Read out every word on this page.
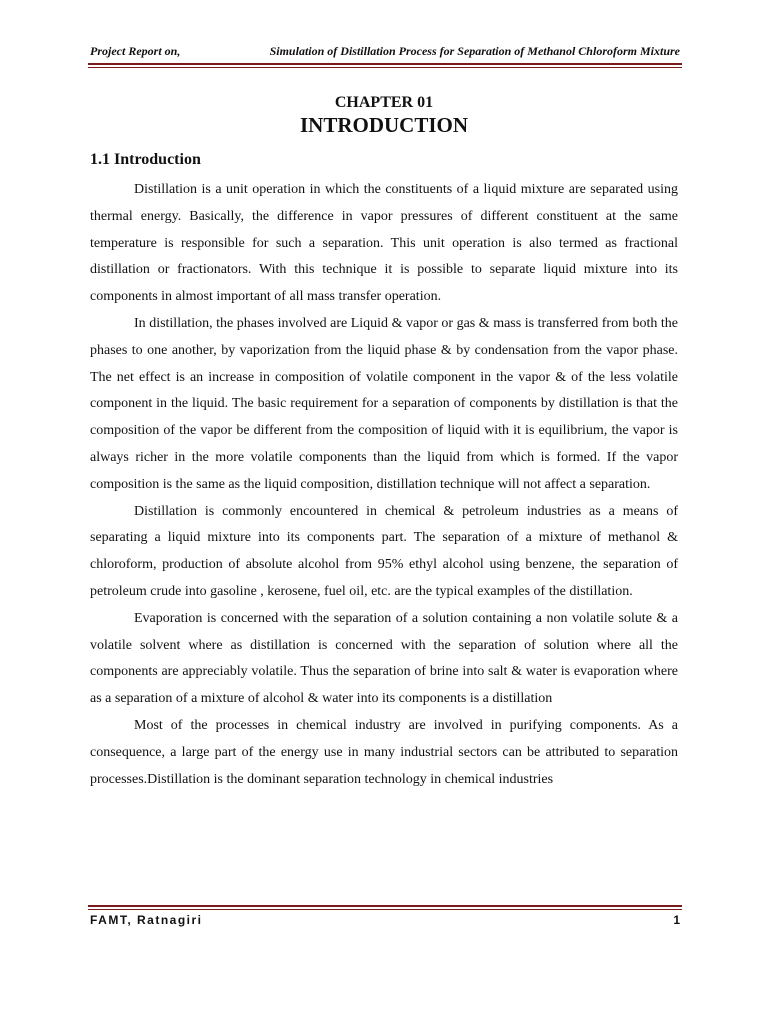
Project Report on,	Simulation of Distillation Process for Separation of Methanol Chloroform Mixture
CHAPTER 01
INTRODUCTION
1.1 Introduction

Distillation is a unit operation in which the constituents of a liquid mixture are separated using thermal energy. Basically, the difference in vapor pressures of different constituent at the same temperature is responsible for such a separation. This unit operation is also termed as fractional distillation or fractionators. With this technique it is possible to separate liquid mixture into its components in almost important of all mass transfer operation.

In distillation, the phases involved are Liquid & vapor or gas & mass is transferred from both the phases to one another, by vaporization from the liquid phase & by condensation from the vapor phase. The net effect is an increase in composition of volatile component in the vapor & of the less volatile component in the liquid. The basic requirement for a separation of components by distillation is that the composition of the vapor be different from the composition of liquid with it is equilibrium, the vapor is always richer in the more volatile components than the liquid from which is formed. If the vapor composition is the same as the liquid composition, distillation technique will not affect a separation.

Distillation is commonly encountered in chemical & petroleum industries as a means of separating a liquid mixture into its components part. The separation of a mixture of methanol & chloroform, production of absolute alcohol from 95% ethyl alcohol using benzene, the separation of petroleum crude into gasoline , kerosene, fuel oil, etc. are the typical examples of the distillation.

Evaporation is concerned with the separation of a solution containing a non volatile solute & a volatile solvent where as distillation is concerned with the separation of solution where all the components are appreciably volatile. Thus the separation of brine into salt & water is evaporation where as a separation of a mixture of alcohol & water into its components is a distillation

Most of the processes in chemical industry are involved in purifying components. As a consequence, a large part of the energy use in many industrial sectors can be attributed to separation processes.Distillation is the dominant separation technology in chemical industries

FAMT, Ratnagiri	1
